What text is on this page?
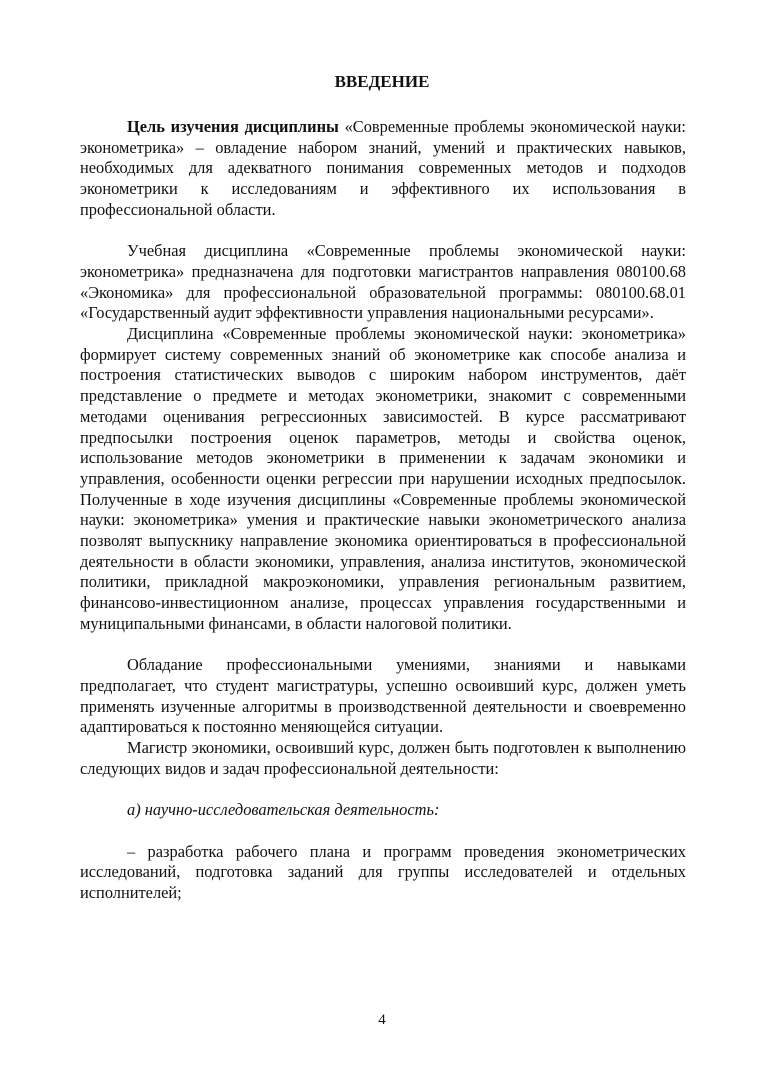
ВВЕДЕНИЕ

Цель изучения дисциплины «Современные проблемы экономической науки: эконометрика» – овладение набором знаний, умений и практических навыков, необходимых для адекватного понимания современных методов и подходов эконометрики к исследованиям и эффективного их использования в профессиональной области.

Учебная дисциплина «Современные проблемы экономической науки: эконометрика» предназначена для подготовки магистрантов направления 080100.68 «Экономика» для профессиональной образовательной программы: 080100.68.01 «Государственный аудит эффективности управления национальными ресурсами».

Дисциплина «Современные проблемы экономической науки: эконометрика» формирует систему современных знаний об эконометрике как способе анализа и построения статистических выводов с широким набором инструментов, даёт представление о предмете и методах эконометрики, знакомит с современными методами оценивания регрессионных зависимостей. В курсе рассматривают предпосылки построения оценок параметров, методы и свойства оценок, использование методов эконометрики в применении к задачам экономики и управления, особенности оценки регрессии при нарушении исходных предпосылок. Полученные в ходе изучения дисциплины «Современные проблемы экономической науки: эконометрика» умения и практические навыки эконометрического анализа позволят выпускнику направление экономика ориентироваться в профессиональной деятельности в области экономики, управления, анализа институтов, экономической политики, прикладной макроэкономики, управления региональным развитием, финансово-инвестиционном анализе, процессах управления государственными и муниципальными финансами, в области налоговой политики.

Обладание профессиональными умениями, знаниями и навыками предполагает, что студент магистратуры, успешно освоивший курс, должен уметь применять изученные алгоритмы в производственной деятельности и своевременно адаптироваться к постоянно меняющейся ситуации.

Магистр экономики, освоивший курс, должен быть подготовлен к выполнению следующих видов и задач профессиональной деятельности:

а) научно-исследовательская деятельность:

– разработка рабочего плана и программ проведения эконометрических исследований, подготовка заданий для группы исследователей и отдельных исполнителей;

4
